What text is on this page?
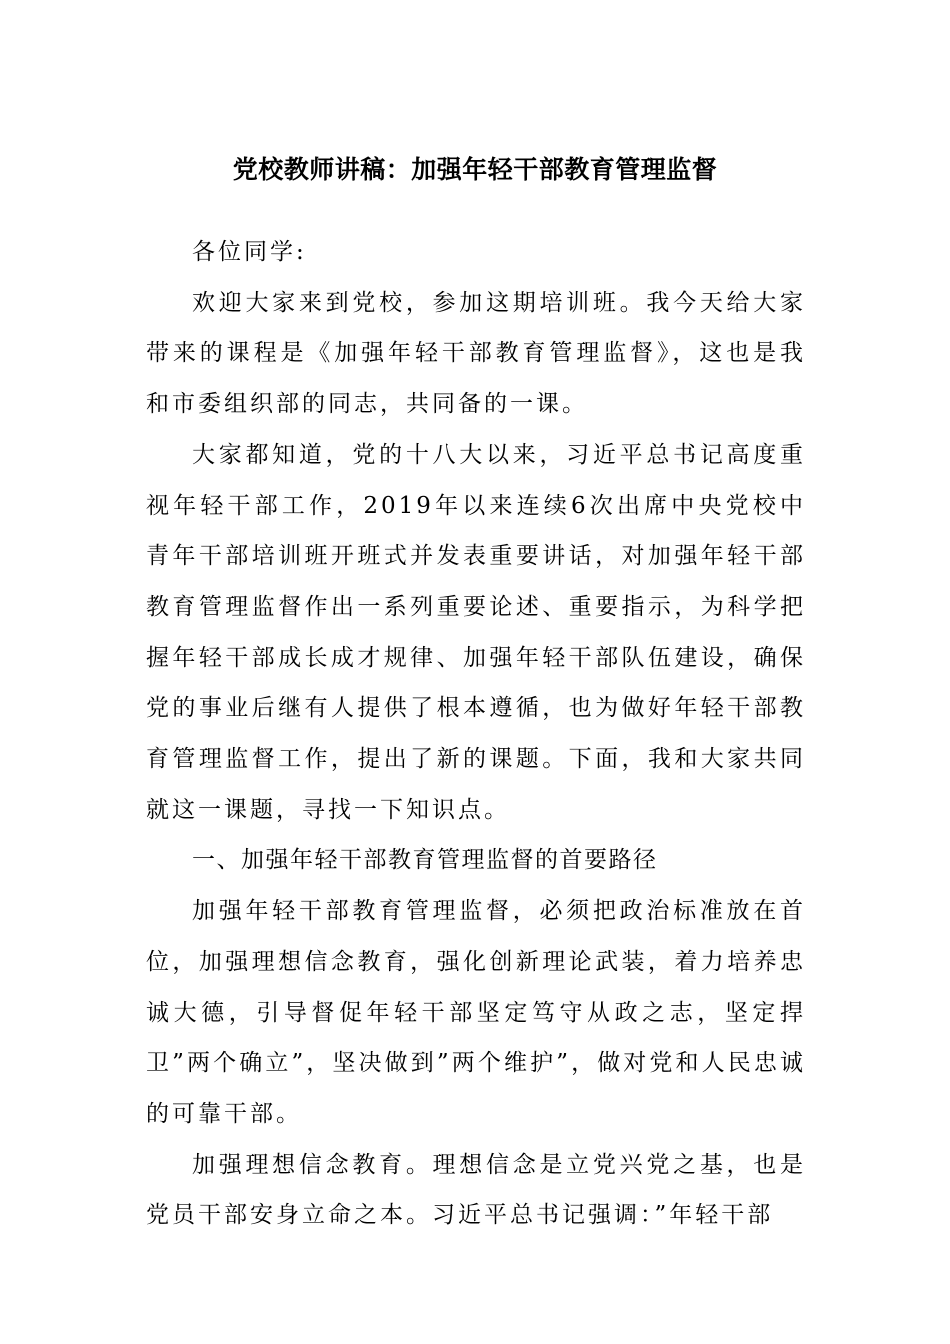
党校教师讲稿：加强年轻干部教育管理监督

各位同学:

欢迎大家来到党校，参加这期培训班。我今天给大家带来的课程是《加强年轻干部教育管理监督》，这也是我和市委组织部的同志，共同备的一课。

大家都知道，党的十八大以来，习近平总书记高度重视年轻干部工作，2019年以来连续6次出席中央党校中青年干部培训班开班式并发表重要讲话，对加强年轻干部教育管理监督作出一系列重要论述、重要指示，为科学把握年轻干部成长成才规律、加强年轻干部队伍建设，确保党的事业后继有人提供了根本遵循，也为做好年轻干部教育管理监督工作，提出了新的课题。下面，我和大家共同就这一课题，寻找一下知识点。

一、加强年轻干部教育管理监督的首要路径

加强年轻干部教育管理监督，必须把政治标准放在首位，加强理想信念教育，强化创新理论武装，着力培养忠诚大德，引导督促年轻干部坚定笃守从政之志，坚定捍卫”两个确立”，坚决做到”两个维护”，做对党和人民忠诚的可靠干部。

加强理想信念教育。理想信念是立党兴党之基，也是党员干部安身立命之本。习近平总书记强调：”年轻干部
